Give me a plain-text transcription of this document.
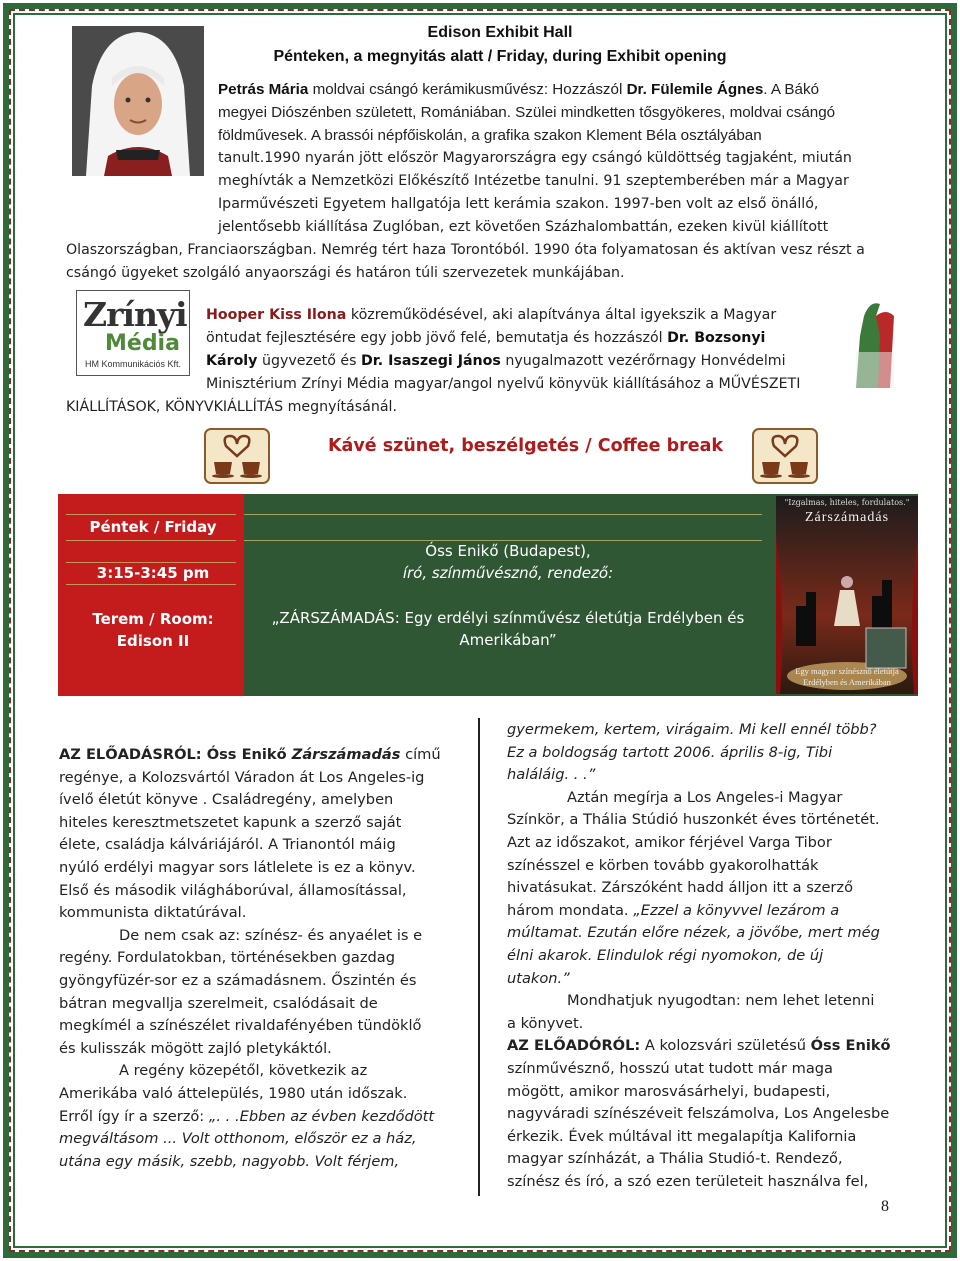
Edison Exhibit Hall
Pénteken, a megnyitás alatt / Friday, during Exhibit opening
Petrás Mária moldvai csángó kerámikusművész: Hozzászól Dr. Fülemile Ágnes. A Bákó
megyei Diószénben született, Romániában. Szülei mindketten tősgyökeres, moldvai csángó
földművesek. A brassói népfőiskolán, a grafika szakon Klement Béla osztályában
tanult.1990 nyarán jött először Magyarországra egy csángó küldöttség tagjaként, miután
meghívták a Nemzetközi Előkészítő Intézetbe tanulni. 91 szeptemberében már a Magyar
Iparművészeti Egyetem hallgatója lett kerámia szakon. 1997-ben volt az első önálló,
jelentősebb kiállítása Zuglóban, ezt követően Százhalombattán, ezeken kivül kiállított
Olaszországban, Franciaországban. Nemrég tért haza Torontóból. 1990 óta folyamatosan és aktívan vesz részt a
csángó ügyeket szolgáló anyaországi és határon túli szervezetek munkájában.
Zrínyi
Média
HM Kommunikációs Kft.
Hooper Kiss Ilona közreműködésével, aki alapítványa által igyekszik a Magyar
öntudat fejlesztésére egy jobb jövő felé, bemutatja és hozzászól Dr. Bozsonyi
Károly ügyvezető és Dr. Isaszegi János nyugalmazott vezérőrnagy Honvédelmi
Minisztérium Zrínyi Média magyar/angol nyelvű könyvük kiállításához a MŰVÉSZETI
KIÁLLÍTÁSOK, KÖNYVKIÁLLÍTÁS megnyításánál.
Kávé szünet, beszélgetés / Coffee break
Péntek / Friday
3:15-3:45 pm
Terem / Room:
Edison II
Óss Enikő (Budapest),
író, színművésznő, rendező:
„ZÁRSZÁMADÁS: Egy erdélyi színművész életútja Erdélyben és
Amerikában”
"Izgalmas, hiteles, fordulatos."
Zárszámadás
Egy magyar színésznő életútja
Erdélyben és Amerikában
AZ ELŐADÁSRÓL: Óss Enikő Zárszámadás című
regénye, a Kolozsvártól Váradon át Los Angeles-ig
ívelő életút könyve . Családregény, amelyben
hiteles keresztmetszetet kapunk a szerző saját
élete, családja kálváriájáról. A Trianontól máig
nyúló erdélyi magyar sors látlelete is ez a könyv.
Első és második világháborúval, államosítással,
kommunista diktatúrával.
De nem csak az: színész- és anyaélet is e
regény. Fordulatokban, történésekben gazdag
gyöngyfüzér-sor ez a számadásnem. Őszintén és
bátran megvallja szerelmeit, csalódásait de
megkímél a színészélet rivaldafényében tündöklő
és kulisszák mögött zajló pletykáktól.
A regény közepétől, következik az
Amerikába való áttelepülés, 1980 után időszak.
Erről így ír a szerző: „. . .Ebben az évben kezdődött
megváltásom ... Volt otthonom, először ez a ház,
utána egy másik, szebb, nagyobb. Volt férjem,
gyermekem, kertem, virágaim. Mi kell ennél több?
Ez a boldogság tartott 2006. április 8-ig, Tibi
haláláig. . .”
Aztán megírja a Los Angeles-i Magyar
Színkör, a Thália Stúdió huszonkét éves történetét.
Azt az időszakot, amikor férjével Varga Tibor
színésszel e körben tovább gyakorolhatták
hivatásukat. Zárszóként hadd álljon itt a szerző
három mondata. „Ezzel a könyvvel lezárom a
múltamat. Ezután előre nézek, a jövőbe, mert még
élni akarok. Elindulok régi nyomokon, de új
utakon.”
Mondhatjuk nyugodtan: nem lehet letenni
a könyvet.
AZ ELŐADÓRÓL: A kolozsvári születésű Óss Enikő
színművésznő, hosszú utat tudott már maga
mögött, amikor marosvásárhelyi, budapesti,
nagyváradi színészéveit felszámolva, Los Angelesbe
érkezik. Évek múltával itt megalapítja Kalifornia
magyar színházát, a Thália Studió-t. Rendező,
színész és író, a szó ezen területeit használva fel,
8
